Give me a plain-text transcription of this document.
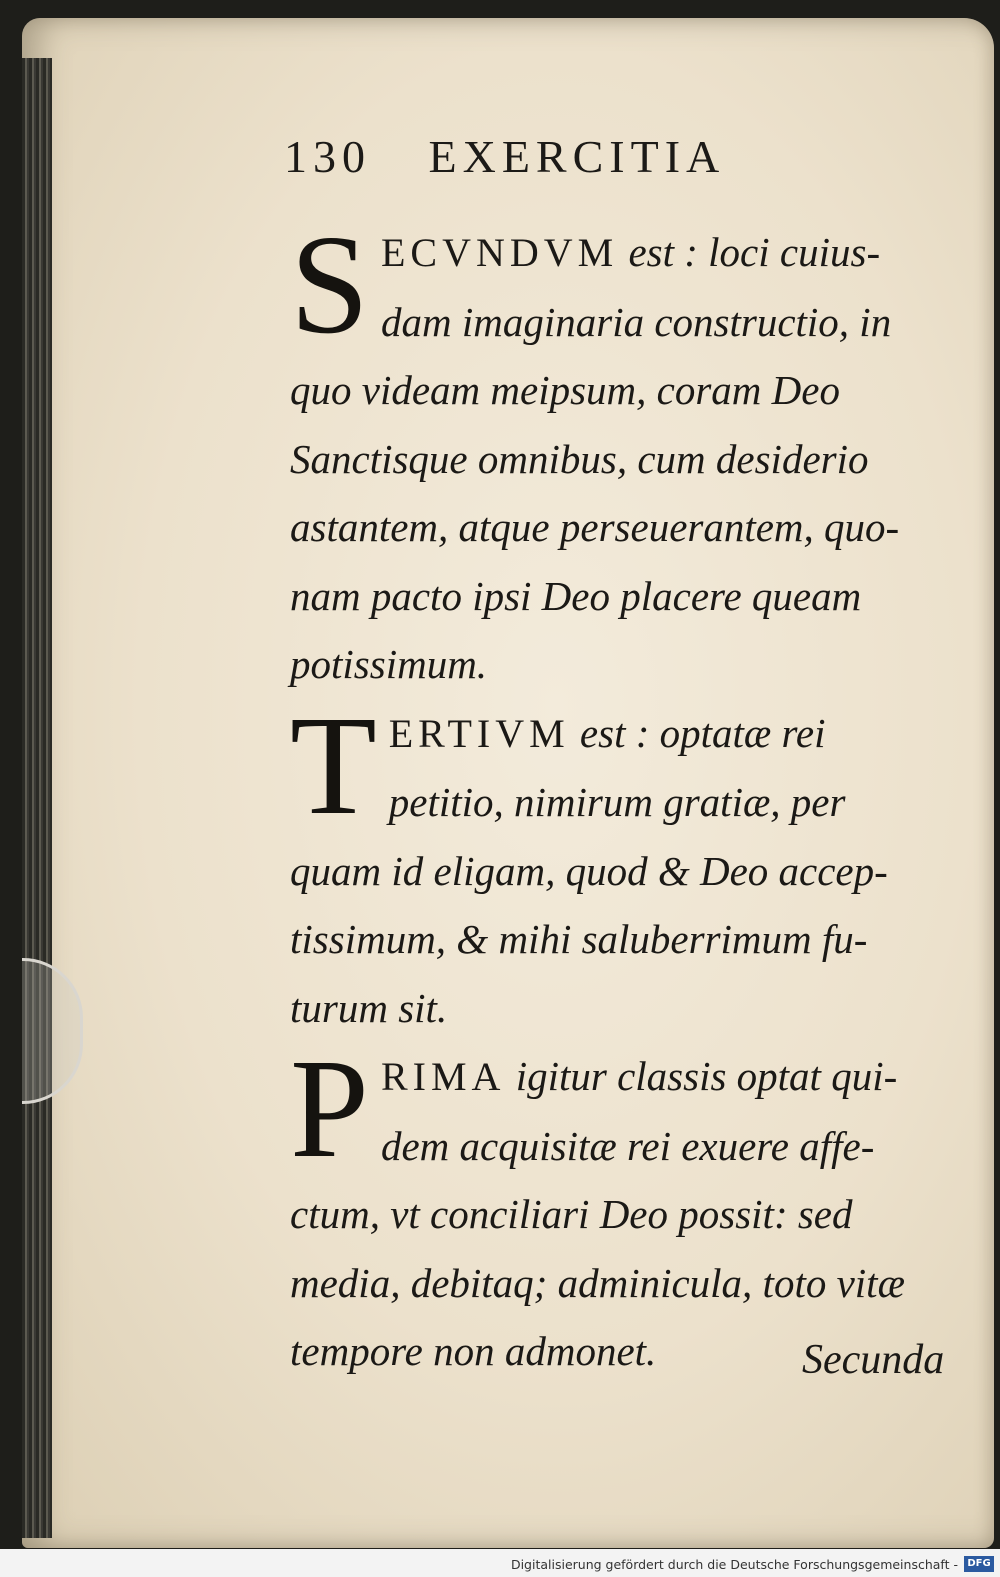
130 EXERCITIA
S ECVNDVM est : loci cuius-
dam imaginaria constructio, in
quo videam meipsum, coram Deo
Sanctisque omnibus, cum desiderio
astantem, atque perseuerantem, quo-
nam pacto ipsi Deo placere queam
potissimum.
T ERTIVM est : optatæ rei
petitio, nimirum gratiæ, per
quam id eligam, quod & Deo accep-
tissimum, & mihi saluberrimum fu-
turum sit.
P RIMA igitur classis optat qui-
dem acquisitæ rei exuere affe-
ctum, vt conciliari Deo possit: sed
media, debitaq; adminicula, toto vitæ
tempore non admonet.	Secunda
Digitalisierung gefördert durch die Deutsche Forschungsgemeinschaft - DFG
